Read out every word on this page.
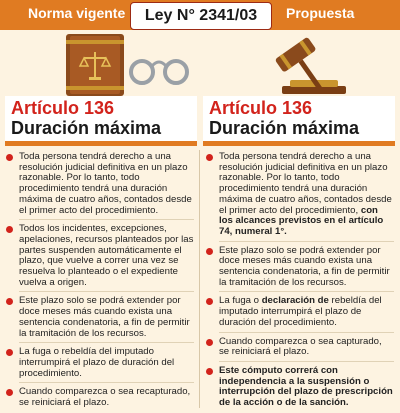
Norma vigente	Propuesta
Ley N° 2341/03
Artículo 136
Duración máxima
Artículo 136
Duración máxima
Toda persona tendrá derecho a una resolución judicial definitiva en un plazo razonable. Por lo tanto, todo procedimiento tendrá una duración máxima de cuatro años, contados desde el primer acto del procedimiento.
Todos los incidentes, excepciones, apelaciones, recursos planteados por las partes suspenden automáticamente el plazo, que vuelve a correr una vez se resuelva lo planteado o el expediente vuelva a origen.
Este plazo solo se podrá extender por doce meses más cuando exista una sentencia condenatoria, a fin de permitir la tramitación de los recursos.
La fuga o rebeldía del imputado interrumpirá el plazo de duración del procedimiento.
Cuando comparezca o sea recapturado, se reiniciará el plazo.
Toda persona tendrá derecho a una resolución judicial definitiva en un plazo razonable. Por lo tanto, todo procedimiento tendrá una duración máxima de cuatro años, contados desde el primer acto del procedimiento, con los alcances previstos en el artículo 74, numeral 1°.
Este plazo solo se podrá extender por doce meses más cuando exista una sentencia condenatoria, a fin de permitir la tramitación de los recursos.
La fuga o declaración de rebeldía del imputado interrumpirá el plazo de duración del procedimiento.
Cuando comparezca o sea capturado, se reiniciará el plazo.
Este cómputo correrá con independencia a la suspensión o interrupción del plazo de prescripción de la acción o de la sanción.
